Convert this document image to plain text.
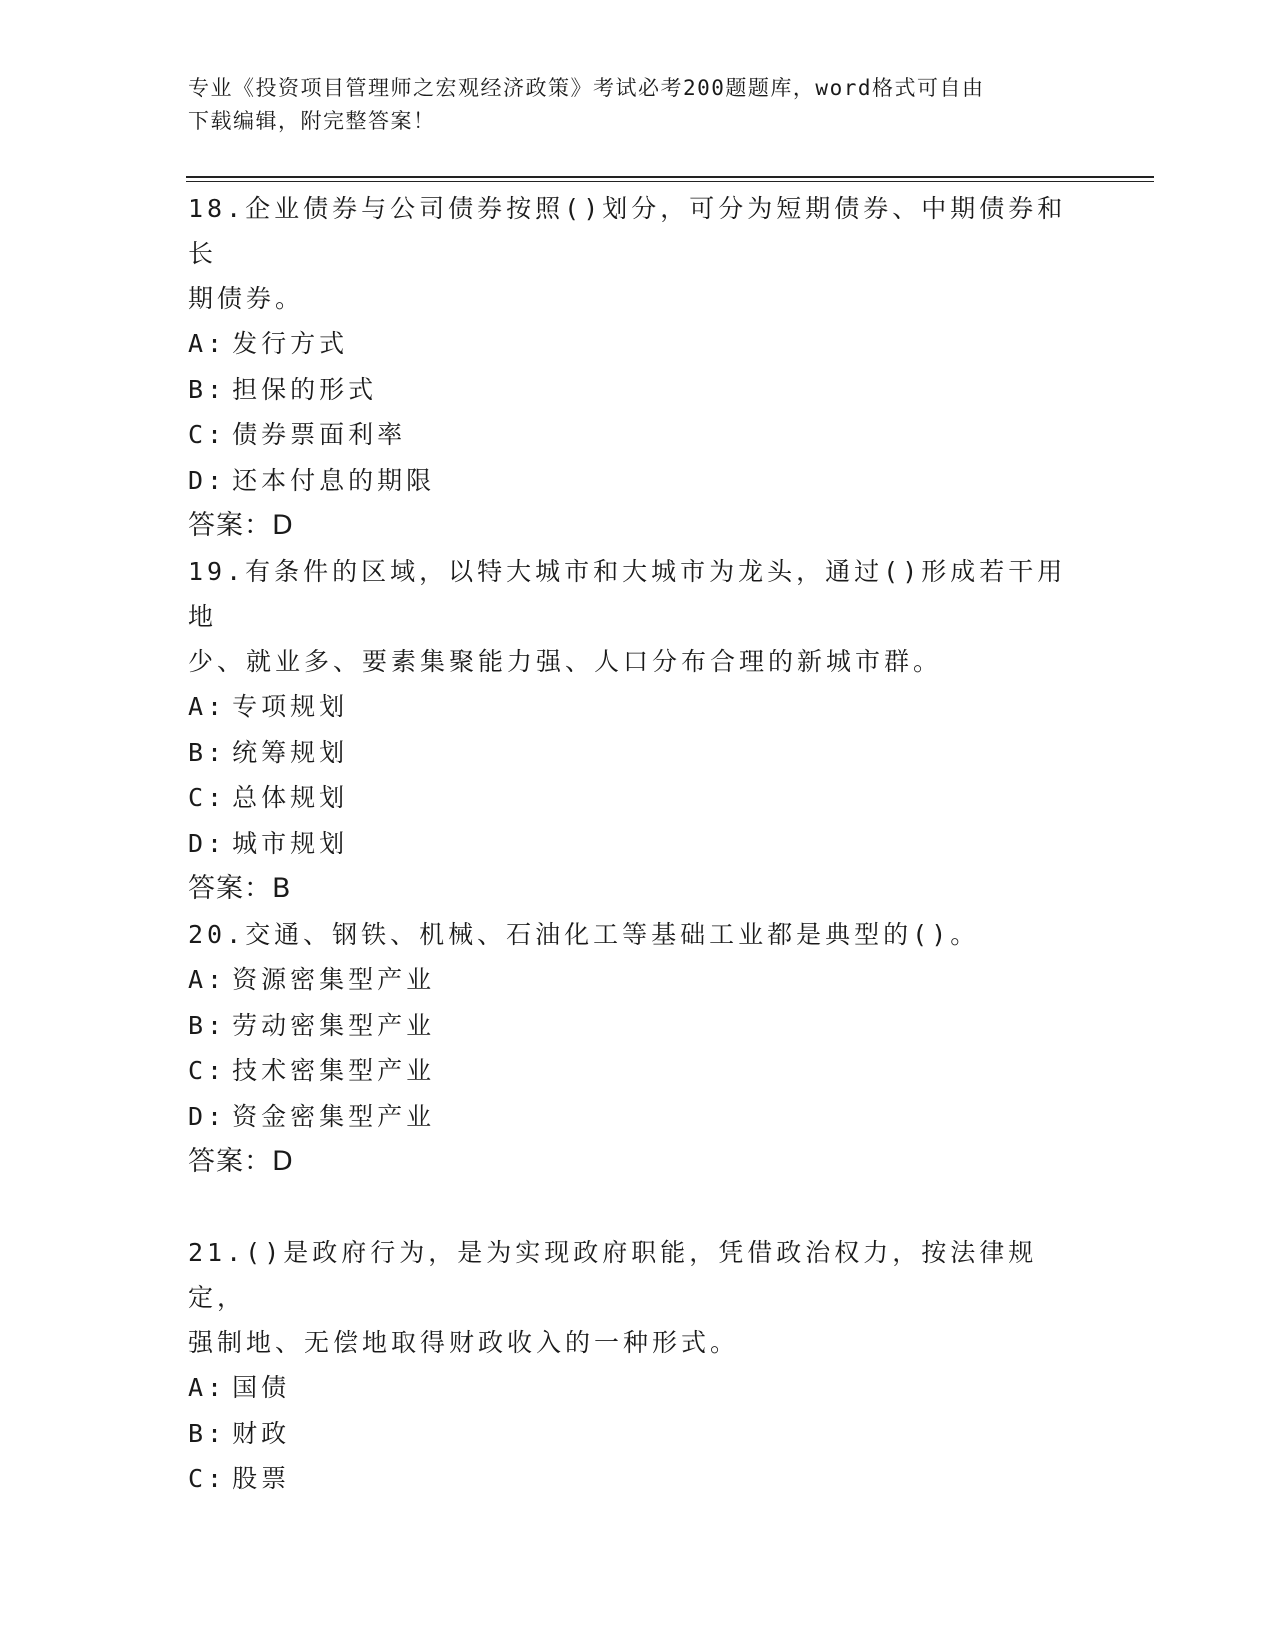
专业《投资项目管理师之宏观经济政策》考试必考200题题库，word格式可自由
下载编辑，附完整答案！

18.企业债券与公司债券按照()划分，可分为短期债券、中期债券和长

期债券。

A: 发行方式

B: 担保的形式

C: 债券票面利率

D: 还本付息的期限

答案：D

19.有条件的区域，以特大城市和大城市为龙头，通过()形成若干用地

少、就业多、要素集聚能力强、人口分布合理的新城市群。

A: 专项规划

B: 统筹规划

C: 总体规划

D: 城市规划

答案：B

20.交通、钢铁、机械、石油化工等基础工业都是典型的()。

A: 资源密集型产业

B: 劳动密集型产业

C: 技术密集型产业

D: 资金密集型产业

答案：D

21.()是政府行为，是为实现政府职能，凭借政治权力，按法律规定，

强制地、无偿地取得财政收入的一种形式。

A: 国债

B: 财政

C: 股票
